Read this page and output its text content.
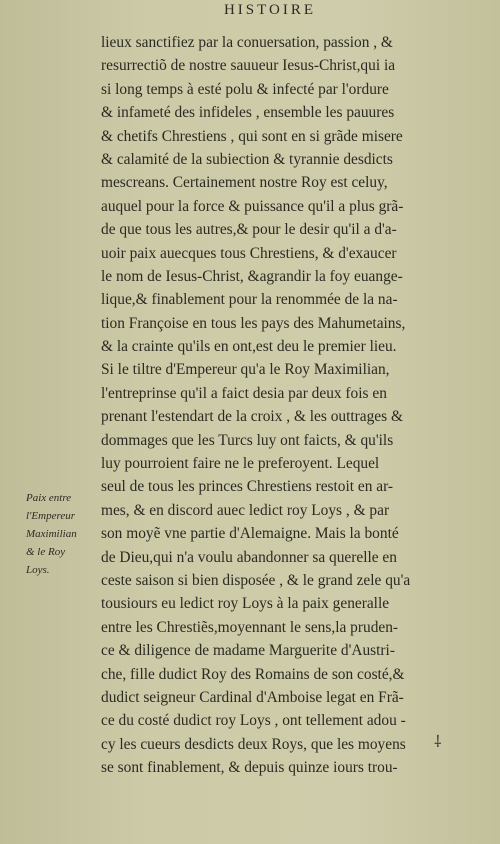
HISTOIRE
lieux sanctifiez par la conuersation, passion , &
resurrectiõ de nostre sauueur Iesus-Christ,qui ia
si long temps à esté polu & infecté par l'ordure
& infameté des infideles , ensemble les pauures
& chetifs Chrestiens , qui sont en si grãde misere
& calamité de la subiection & tyrannie desdicts
mescreans. Certainement nostre Roy est celuy,
auquel pour la force & puissance qu'il a plus grã-
de que tous les autres,& pour le desir qu'il a d'a-
uoir paix auecques tous Chrestiens, & d'exaucer
le nom de Iesus-Christ, &agrandir la foy euange-
lique,& finablement pour la renommée de la na-
tion Françoise en tous les pays des Mahumetains,
& la crainte qu'ils en ont,est deu le premier lieu.
Si le tiltre d'Empereur qu'a le Roy Maximilian,
l'entreprinse qu'il a faict desia par deux fois en
prenant l'estendart de la croix , & les outtrages &
dommages que les Turcs luy ont faicts, & qu'ils
luy pourroient faire ne le preferoyent. Lequel
seul de tous les princes Chrestiens restoit en ar-
mes, & en discord auec ledict roy Loys , & par
son moyẽ vne partie d'Alemaigne. Mais la bonté
de Dieu,qui n'a voulu abandonner sa querelle en
ceste saison si bien disposée , & le grand zele qu'a
tousiours eu ledict roy Loys à la paix generalle
entre les Chrestiẽs,moyennant le sens,la pruden-
ce & diligence de madame Marguerite d'Austri-
che, fille dudict Roy des Romains de son costé,&
dudict seigneur Cardinal d'Amboise legat en Frã-
ce du costé dudict roy Loys , ont tellement adou -
cy les cueurs desdicts deux Roys, que les moyens
se sont finablement, & depuis quinze iours trou-
Paix entre
l'Empereur
Maximilian
& le Roy
Loys.
⸸
